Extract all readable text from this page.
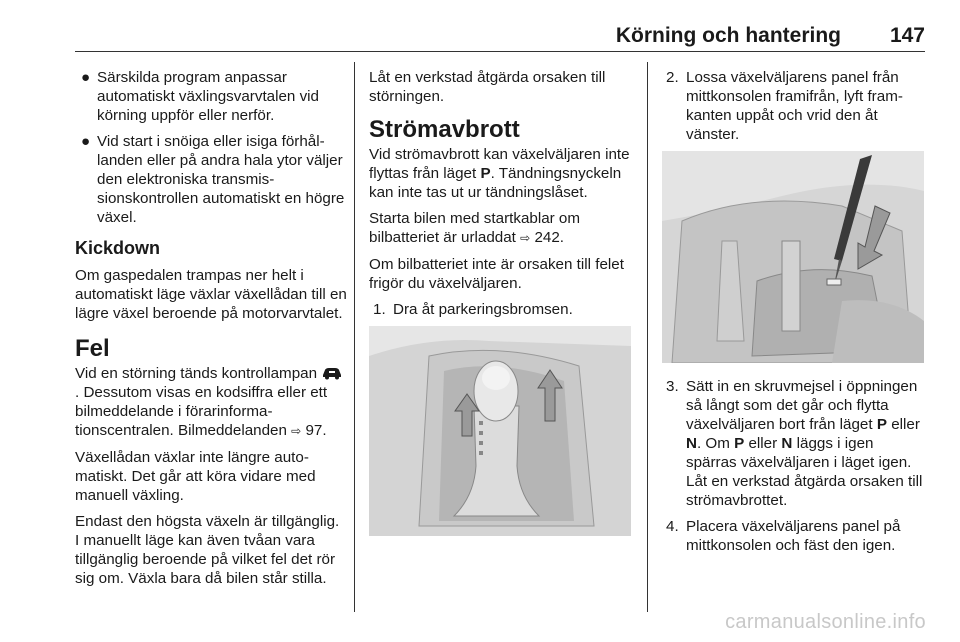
Körning och hantering 147
● Särskilda program anpassar automatiskt växlingsvarvtalen vid körning uppför eller nerför.
● Vid start i snöiga eller isiga förhållanden eller på andra hala ytor väljer den elektroniska transmissionskontrollen automatiskt en högre växel.
Kickdown

Om gaspedalen trampas ner helt i automatiskt läge växlar växellådan till en lägre växel beroende på motorvarvtalet.

Fel

Vid en störning tänds kontrollampan . Dessutom visas en kodsiffra eller ett bilmeddelande i förarinformationscentralen. Bilmeddelanden ⇨ 97.

Växellådan växlar inte längre automatiskt. Det går att köra vidare med manuell växling.

Endast den högsta växeln är tillgänglig. I manuellt läge kan även tvåan vara tillgänglig beroende på vilket fel det rör sig om. Växla bara då bilen står stilla.

Låt en verkstad åtgärda orsaken till störningen.

Strömavbrott

Vid strömavbrott kan växelväljaren inte flyttas från läget P. Tändningsnyckeln kan inte tas ut ur tändningslåset.

Starta bilen med startkablar om bilbatteriet är urladdat ⇨ 242.

Om bilbatteriet inte är orsaken till felet frigör du växelväljaren.

1. Dra åt parkeringsbromsen.
2. Lossa växelväljarens panel från mittkonsolen framifrån, lyft framkanten uppåt och vrid den åt vänster.
3. Sätt in en skruvmejsel i öppningen så långt som det går och flytta växelväljaren bort från läget P eller N. Om P eller N läggs i igen spärras växelväljaren i läget igen. Låt en verkstad åtgärda orsaken till strömavbrottet.
4. Placera växelväljarens panel på mittkonsolen och fäst den igen.
carmanualsonline.info
